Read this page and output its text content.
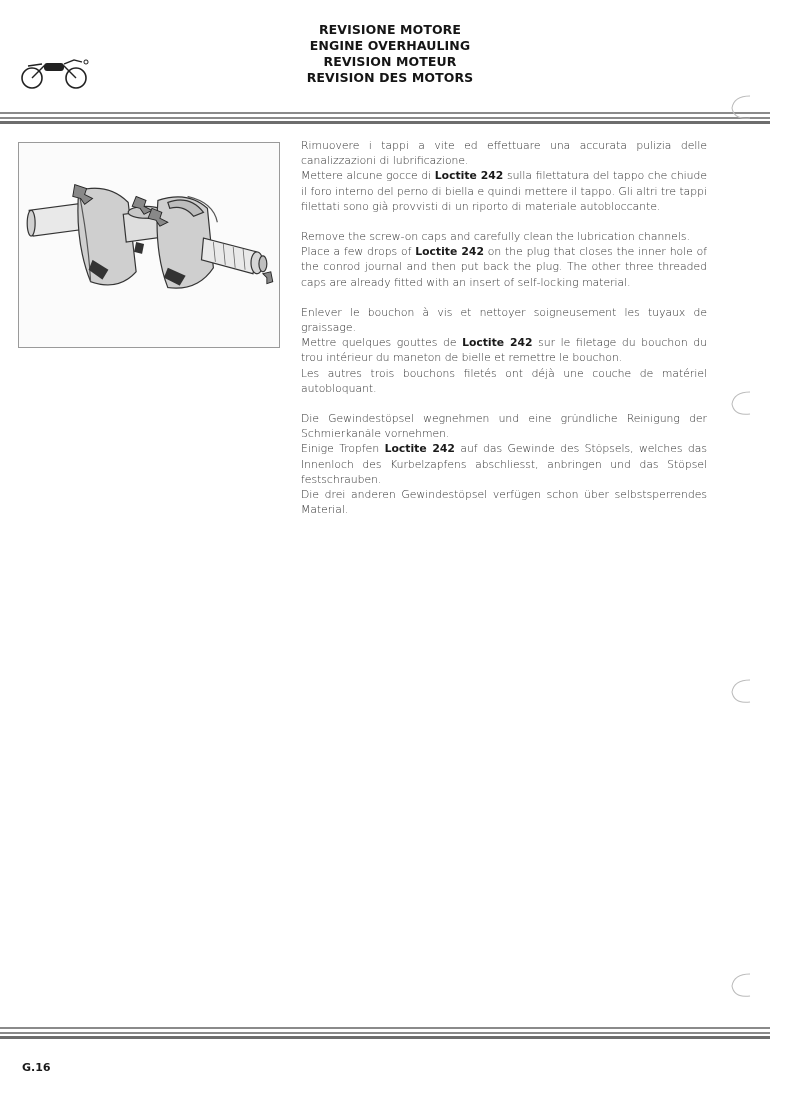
REVISIONE MOTORE
ENGINE OVERHAULING
REVISION MOTEUR
REVISION DES MOTORS

Rimuovere i tappi a vite ed effettuare una accurata pulizia delle canalizzazioni di lubrificazione.

Mettere alcune gocce di Loctite 242 sulla filettatura del tappo che chiude il foro interno del perno di biella e quindi mettere il tappo. Gli altri tre tappi filettati sono già provvisti di un riporto di materiale autobloccante.

Remove the screw-on caps and carefully clean the lubrication channels.

Place a few drops of Loctite 242 on the plug that closes the inner hole of the conrod journal and then put back the plug. The other three threaded caps are already fitted with an insert of self-locking material.

Enlever le bouchon à vis et nettoyer soigneusement les tuyaux de graissage.

Mettre quelques gouttes de Loctite 242 sur le filetage du bouchon du trou intérieur du maneton de bielle et remettre le bouchon.

Les autres trois bouchons filetés ont déjà une couche de matériel autobloquant.

Die Gewindestöpsel wegnehmen und eine gründliche Reinigung der Schmierkanäle vornehmen.

Einige Tropfen Loctite 242 auf das Gewinde des Stöpsels, welches das Innenloch des Kurbelzapfens abschliesst, anbringen und das Stöpsel festschrauben.

Die drei anderen Gewindestöpsel verfügen schon über selbstsperrendes Material.

G.16
